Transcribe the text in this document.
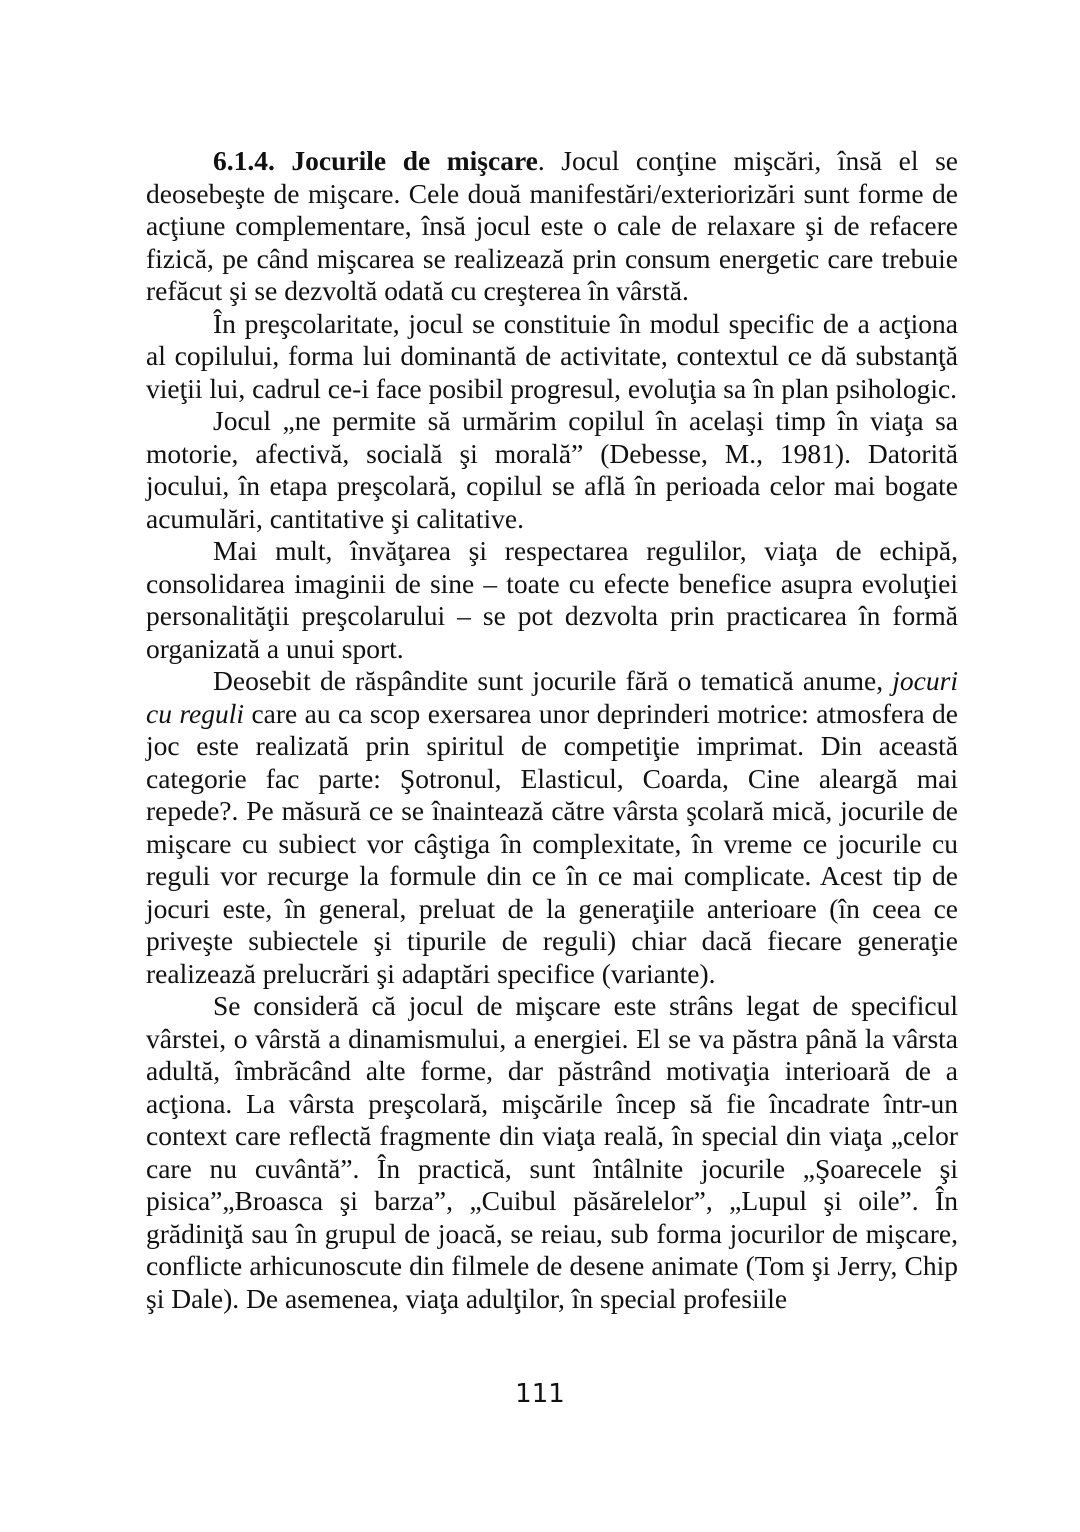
6.1.4. Jocurile de mişcare. Jocul conţine mişcări, însă el se deosebeşte de mişcare. Cele două manifestări/exteriorizări sunt forme de acţiune complementare, însă jocul este o cale de relaxare şi de refacere fizică, pe când mişcarea se realizează prin consum energetic care trebuie refăcut şi se dezvoltă odată cu creşterea în vârstă.

În preşcolaritate, jocul se constituie în modul specific de a acţiona al copilului, forma lui dominantă de activitate, contextul ce dă substanţă vieţii lui, cadrul ce-i face posibil progresul, evoluţia sa în plan psihologic.

Jocul „ne permite să urmărim copilul în acelaşi timp în viaţa sa motorie, afectivă, socială şi morală” (Debesse, M., 1981). Datorită jocului, în etapa preşcolară, copilul se află în perioada celor mai bogate acumulări, cantitative şi calitative.

Mai mult, învăţarea şi respectarea regulilor, viaţa de echipă, consolidarea imaginii de sine – toate cu efecte benefice asupra evoluţiei personalităţii preşcolarului – se pot dezvolta prin practicarea în formă organizată a unui sport.

Deosebit de răspândite sunt jocurile fără o tematică anume, jocuri cu reguli care au ca scop exersarea unor deprinderi motrice: atmosfera de joc este realizată prin spiritul de competiţie imprimat. Din această categorie fac parte: Şotronul, Elasticul, Coarda, Cine aleargă mai repede?. Pe măsură ce se înaintează către vârsta şcolară mică, jocurile de mişcare cu subiect vor câştiga în complexitate, în vreme ce jocurile cu reguli vor recurge la formule din ce în ce mai complicate. Acest tip de jocuri este, în general, preluat de la generaţiile anterioare (în ceea ce priveşte subiectele şi tipurile de reguli) chiar dacă fiecare generaţie realizează prelucrări şi adaptări specifice (variante).

Se consideră că jocul de mişcare este strâns legat de specificul vârstei, o vârstă a dinamismului, a energiei. El se va păstra până la vârsta adultă, îmbrăcând alte forme, dar păstrând motivaţia interioară de a acţiona. La vârsta preşcolară, mişcările încep să fie încadrate într-un context care reflectă fragmente din viaţa reală, în special din viaţa „celor care nu cuvântă”. În practică, sunt întâlnite jocurile „Şoarecele şi pisica”„Broasca şi barza”, „Cuibul păsărelelor”, „Lupul şi oile”. În grădiniţă sau în grupul de joacă, se reiau, sub forma jocurilor de mişcare, conflicte arhicunoscute din filmele de desene animate (Tom şi Jerry, Chip şi Dale). De asemenea, viaţa adulţilor, în special profesiile

111
